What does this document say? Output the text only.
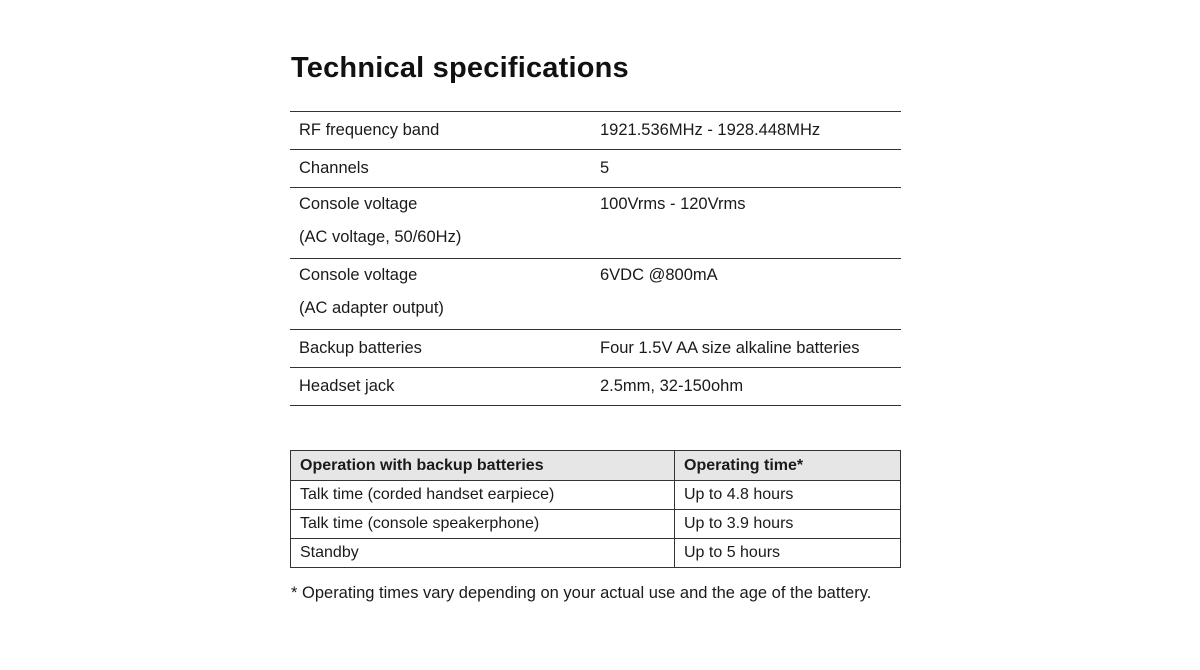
Technical specifications
RF frequency band	1921.536MHz - 1928.448MHz
Channels	5

Console voltage
(AC voltage, 50/60Hz)	100Vrms - 120Vrms

Console voltage
(AC adapter output)	6VDC @800mA
Backup batteries	Four 1.5V AA size alkaline batteries
Headset jack	2.5mm, 32-150ohm
Operation with backup batteries	Operating time*
Talk time (corded handset earpiece)	Up to 4.8 hours
Talk time (console speakerphone)	Up to 3.9 hours
Standby	Up to 5 hours
* Operating times vary depending on your actual use and the age of the battery.
